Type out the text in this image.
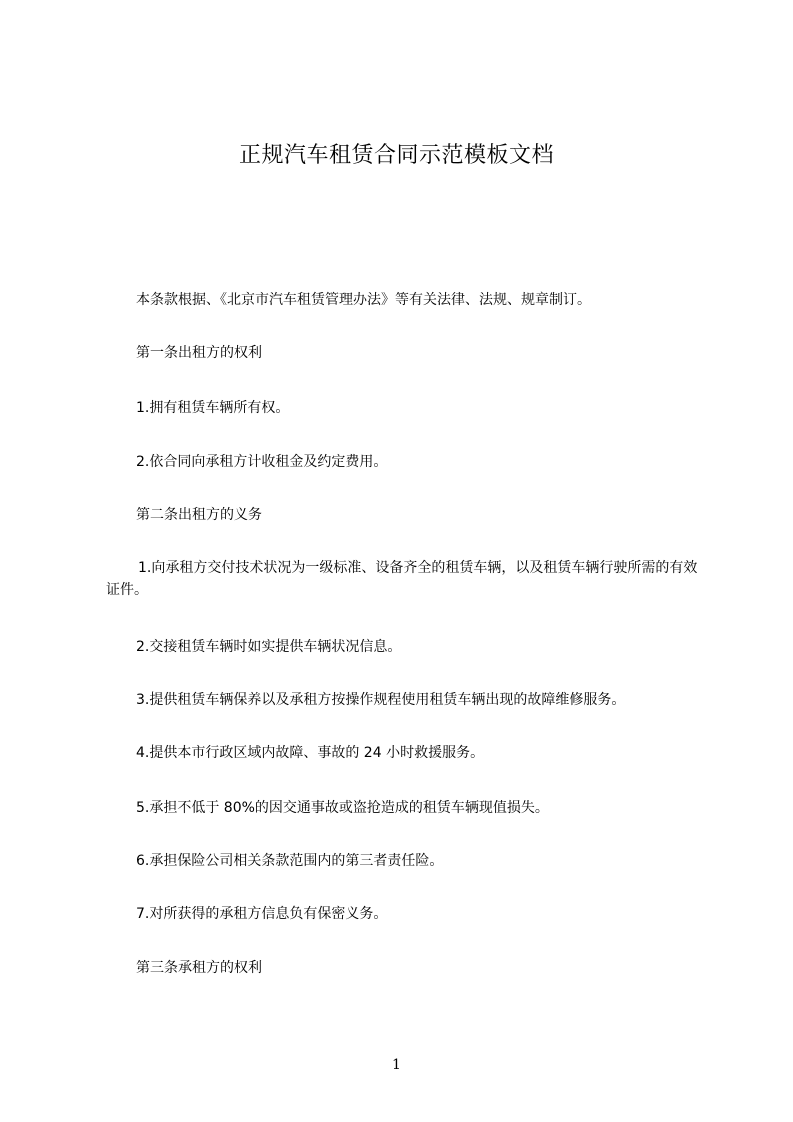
正规汽车租赁合同示范模板文档
本条款根据、《北京市汽车租赁管理办法》等有关法律、法规、规章制订。
第一条出租方的权利
1.拥有租赁车辆所有权。
2.依合同向承租方计收租金及约定费用。
第二条出租方的义务
1.向承租方交付技术状况为一级标准、设备齐全的租赁车辆，以及租赁车辆行驶所需的有效证件。
2.交接租赁车辆时如实提供车辆状况信息。
3.提供租赁车辆保养以及承租方按操作规程使用租赁车辆出现的故障维修服务。
4.提供本市行政区域内故障、事故的 24 小时救援服务。
5.承担不低于 80%的因交通事故或盗抢造成的租赁车辆现值损失。
6.承担保险公司相关条款范围内的第三者责任险。
7.对所获得的承租方信息负有保密义务。
第三条承租方的权利
1
